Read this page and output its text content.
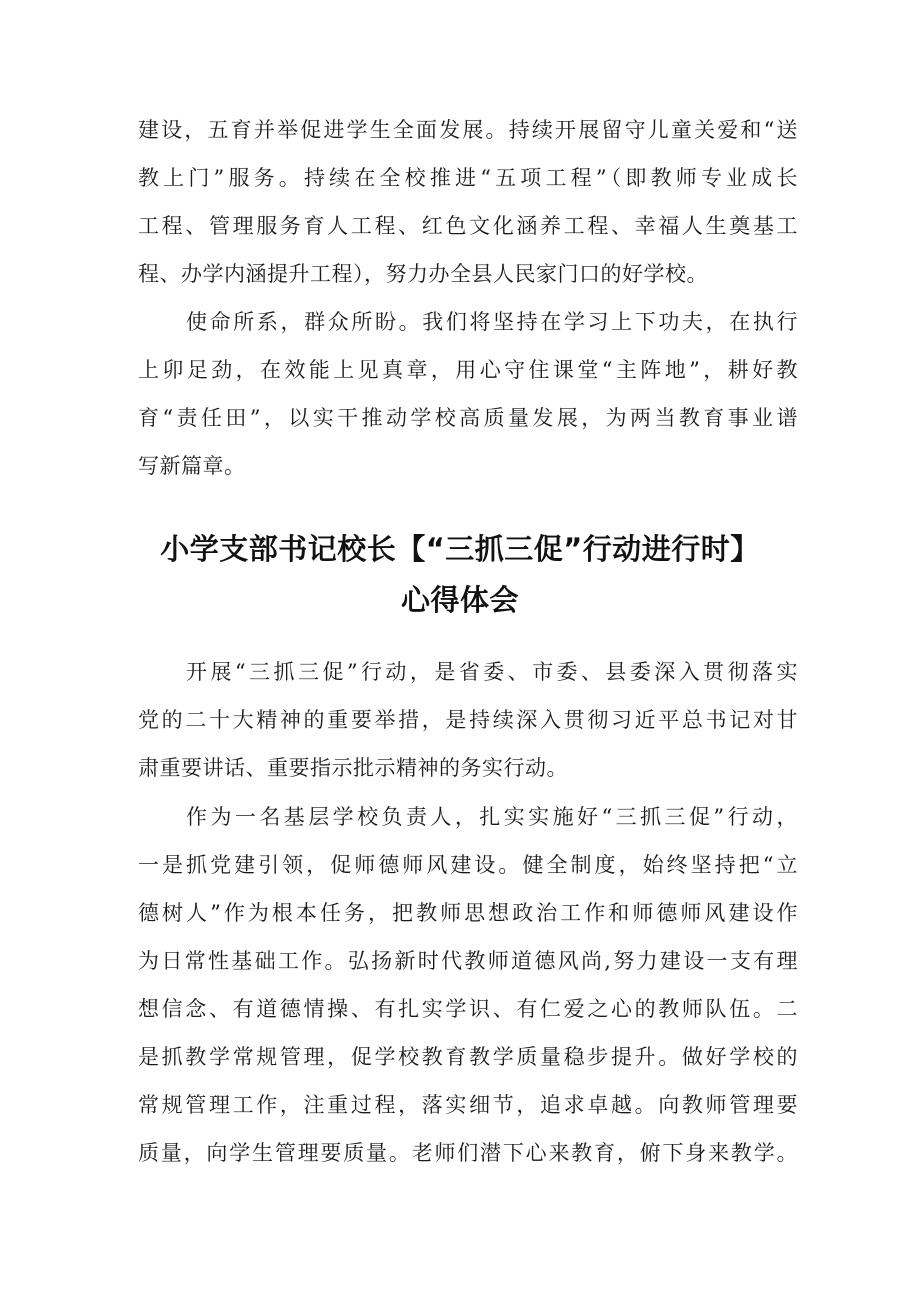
建设，五育并举促进学生全面发展。持续开展留守儿童关爱和“送

教上门”服务。持续在全校推进“五项工程”（即教师专业成长

工程、管理服务育人工程、红色文化涵养工程、幸福人生奠基工

程、办学内涵提升工程），努力办全县人民家门口的好学校。

使命所系，群众所盼。我们将坚持在学习上下功夫，在执行

上卯足劲，在效能上见真章，用心守住课堂“主阵地”，耕好教

育“责任田”，以实干推动学校高质量发展，为两当教育事业谱

写新篇章。

小学支部书记校长【“三抓三促”行动进行时】
心得体会

开展“三抓三促”行动，是省委、市委、县委深入贯彻落实

党的二十大精神的重要举措，是持续深入贯彻习近平总书记对甘

肃重要讲话、重要指示批示精神的务实行动。

作为一名基层学校负责人，扎实实施好“三抓三促”行动，

一是抓党建引领，促师德师风建设。健全制度，始终坚持把“立

德树人”作为根本任务，把教师思想政治工作和师德师风建设作

为日常性基础工作。弘扬新时代教师道德风尚,努力建设一支有理

想信念、有道德情操、有扎实学识、有仁爱之心的教师队伍。二

是抓教学常规管理，促学校教育教学质量稳步提升。做好学校的

常规管理工作，注重过程，落实细节，追求卓越。向教师管理要

质量，向学生管理要质量。老师们潜下心来教育，俯下身来教学。
